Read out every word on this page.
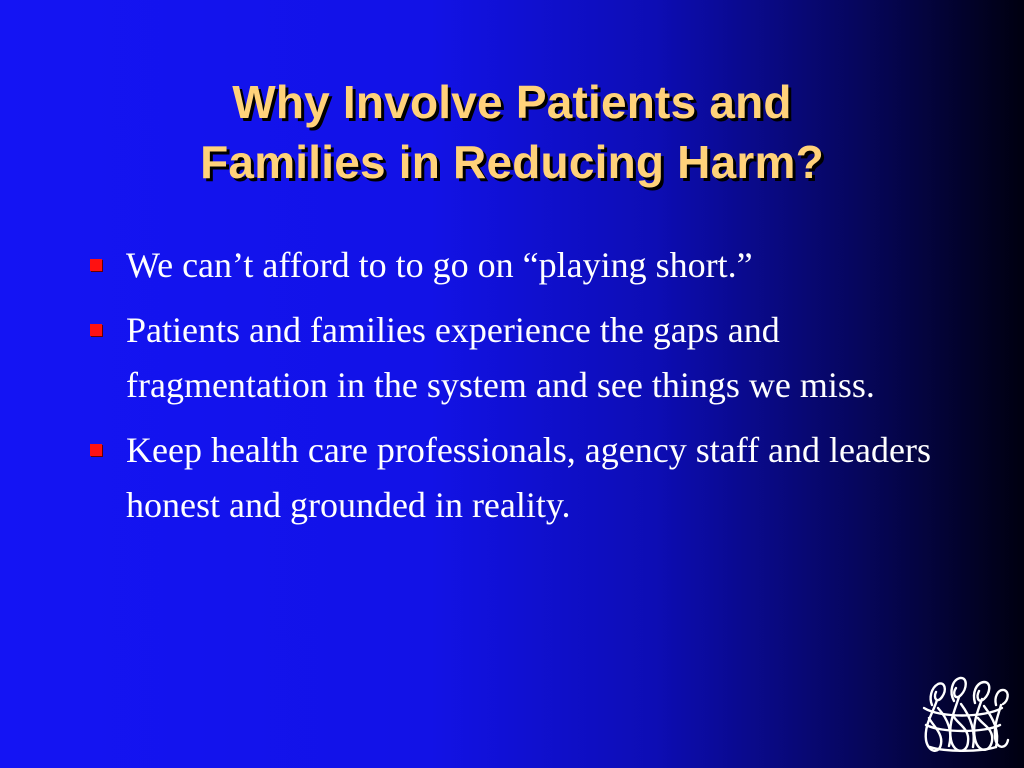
Why Involve Patients and
Families in Reducing Harm?
We can’t afford to to go on “playing short.”
Patients and families experience the gaps and fragmentation in the system and see things we miss.
Keep health care professionals, agency staff and leaders honest and grounded in reality.
